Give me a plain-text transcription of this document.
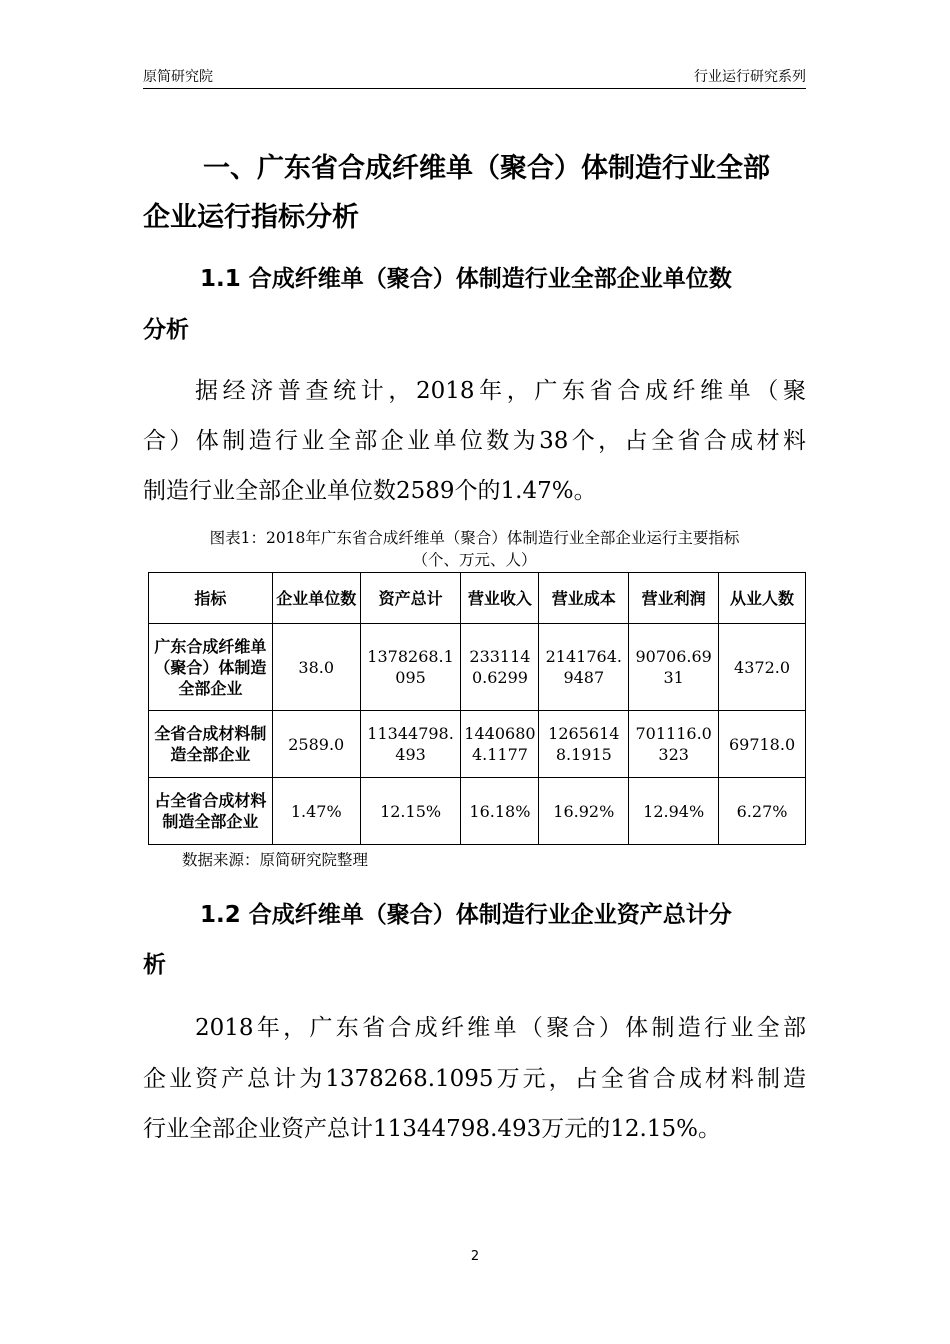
原简研究院	行业运行研究系列
一、广东省合成纤维单（聚合）体制造行业全部
企业运行指标分析
1.1 合成纤维单（聚合）体制造行业全部企业单位数
分析
据经济普查统计，2018年，广东省合成纤维单（聚
合）体制造行业全部企业单位数为38个，占全省合成材料
制造行业全部企业单位数2589个的1.47%。
图表1：2018年广东省合成纤维单（聚合）体制造行业全部企业运行主要指标
（个、万元、人）
指标	企业单位数	资产总计	营业收入	营业成本	营业利润	从业人数
广东合成纤维单（聚合）体制造全部企业	38.0	1378268.1095	2331140.6299	2141764.9487	90706.6931	4372.0
全省合成材料制造全部企业	2589.0	11344798.493	14406804.1177	12656148.1915	701116.0323	69718.0
占全省合成材料制造全部企业	1.47%	12.15%	16.18%	16.92%	12.94%	6.27%
数据来源：原简研究院整理
1.2 合成纤维单（聚合）体制造行业企业资产总计分
析
2018年，广东省合成纤维单（聚合）体制造行业全部
企业资产总计为1378268.1095万元，占全省合成材料制造
行业全部企业资产总计11344798.493万元的12.15%。
2
